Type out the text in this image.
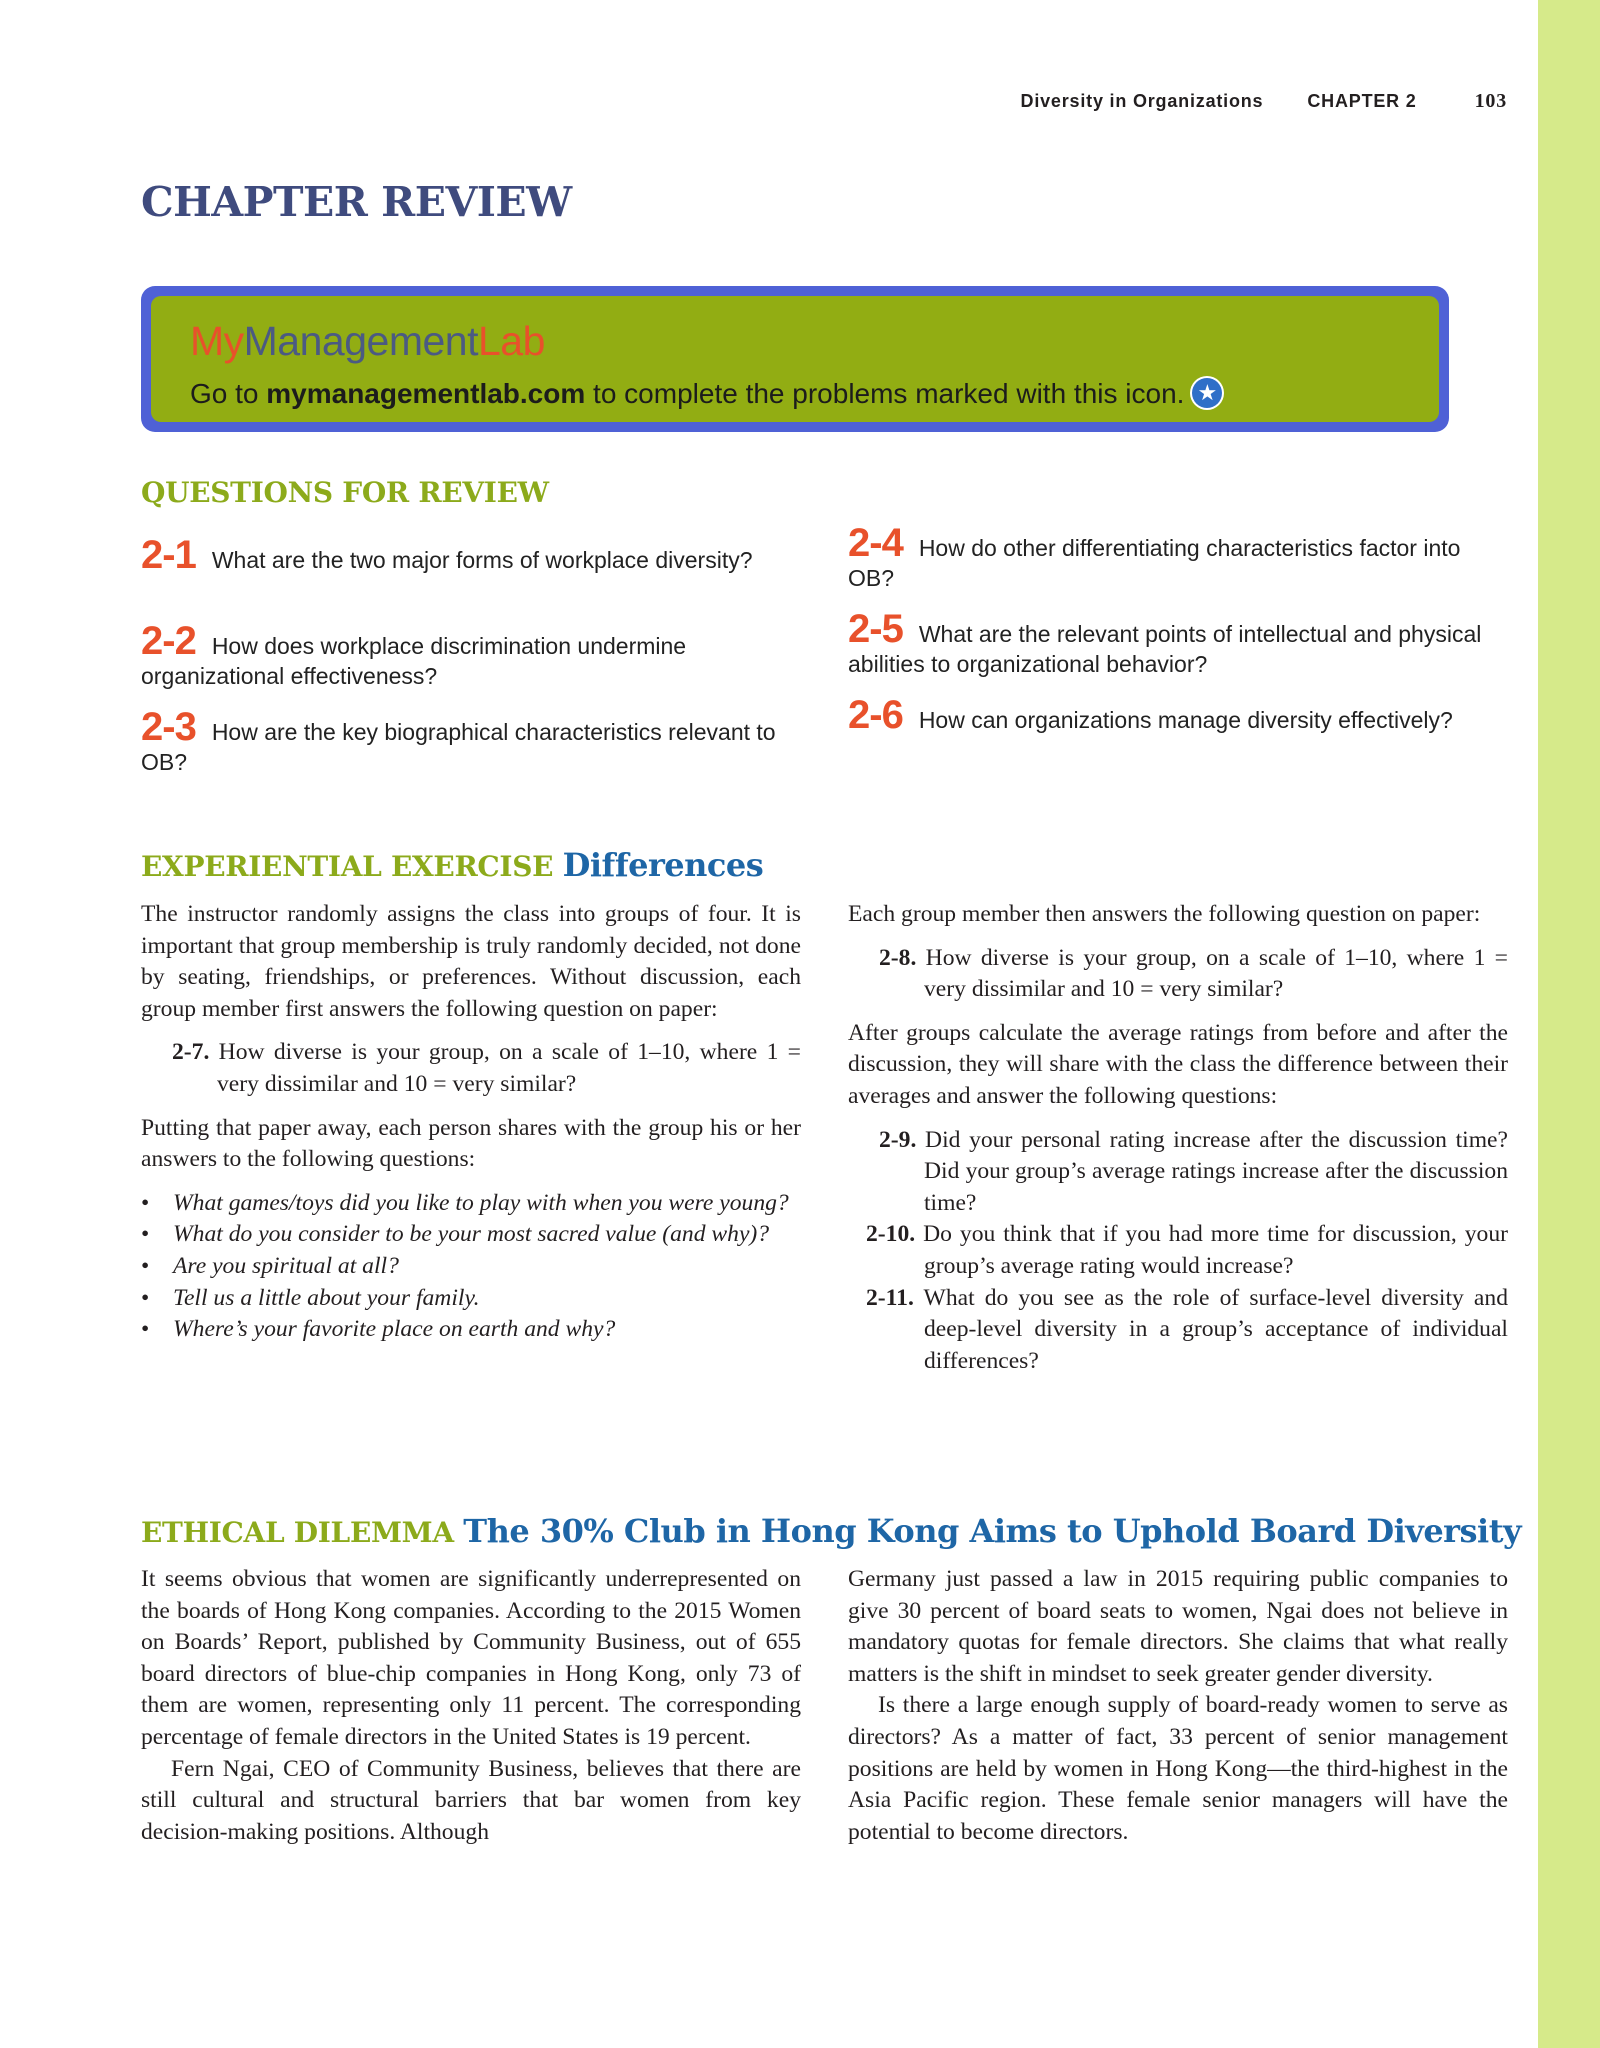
Diversity in Organizations CHAPTER 2	103
CHAPTER REVIEW
MyManagementLab
Go to mymanagementlab.com to complete the problems marked with this icon.★
QUESTIONS FOR REVIEW
2-1 What are the two major forms of workplace diversity?
2-2 How does workplace discrimination undermine organizational effectiveness?
2-3 How are the key biographical characteristics relevant to OB?
2-4 How do other differentiating characteristics factor into OB?
2-5 What are the relevant points of intellectual and physical abilities to organizational behavior?
2-6 How can organizations manage diversity effectively?
EXPERIENTIAL EXERCISE Differences

The instructor randomly assigns the class into groups of four. It is important that group membership is truly randomly decided, not done by seating, friendships, or preferences. Without discussion, each group member first answers the following question on paper:

2-7. How diverse is your group, on a scale of 1–10, where 1 = very dissimilar and 10 = very similar?

Putting that paper away, each person shares with the group his or her answers to the following questions:

• What games/toys did you like to play with when you were young?
• What do you consider to be your most sacred value (and why)?
• Are you spiritual at all?
• Tell us a little about your family.
• Where’s your favorite place on earth and why?

Each group member then answers the following question on paper:

2-8. How diverse is your group, on a scale of 1–10, where 1 = very dissimilar and 10 = very similar?

After groups calculate the average ratings from before and after the discussion, they will share with the class the difference between their averages and answer the following questions:

2-9. Did your personal rating increase after the discussion time? Did your group’s average ratings increase after the discussion time?

2-10. Do you think that if you had more time for discussion, your group’s average rating would increase?

2-11. What do you see as the role of surface-level diversity and deep-level diversity in a group’s acceptance of individual differences?

ETHICAL DILEMMA The 30% Club in Hong Kong Aims to Uphold Board Diversity

It seems obvious that women are significantly underrepresented on the boards of Hong Kong companies. According to the 2015 Women on Boards’ Report, published by Community Business, out of 655 board directors of blue-chip companies in Hong Kong, only 73 of them are women, representing only 11 percent. The corresponding percentage of female directors in the United States is 19 percent.

Fern Ngai, CEO of Community Business, believes that there are still cultural and structural barriers that bar women from key decision-making positions. Although

Germany just passed a law in 2015 requiring public companies to give 30 percent of board seats to women, Ngai does not believe in mandatory quotas for female directors. She claims that what really matters is the shift in mindset to seek greater gender diversity.

Is there a large enough supply of board-ready women to serve as directors? As a matter of fact, 33 percent of senior management positions are held by women in Hong Kong—the third-highest in the Asia Pacific region. These female senior managers will have the potential to become directors.
